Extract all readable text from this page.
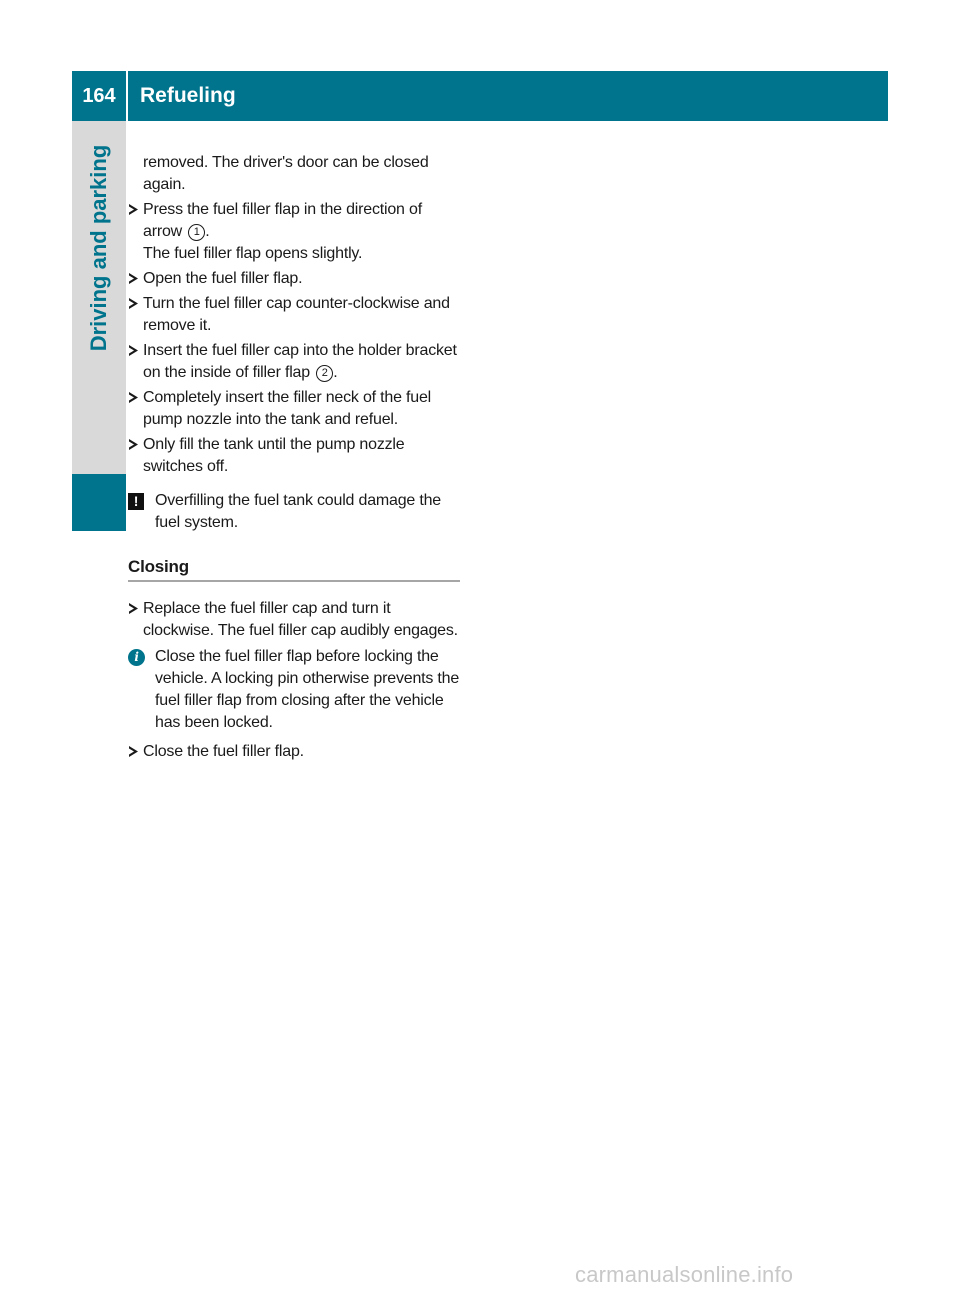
164	Refueling
Driving and parking	removed. The driver's door can be closed again.

Press the fuel filler flap in the direction of arrow 1 .
The fuel filler flap opens slightly.
Open the fuel filler flap.
Turn the fuel filler cap counter-clockwise and remove it.
Insert the fuel filler cap into the holder bracket on the inside of filler flap 2 .
Completely insert the filler neck of the fuel pump nozzle into the tank and refuel.
Only fill the tank until the pump nozzle switches off.
!	Overfilling the fuel tank could damage the fuel system.
Closing
Replace the fuel filler cap and turn it clockwise. The fuel filler cap audibly engages.
i	Close the fuel filler flap before locking the vehicle. A locking pin otherwise prevents the fuel filler flap from closing after the vehicle has been locked.
Close the fuel filler flap.
carmanualsonline.info
